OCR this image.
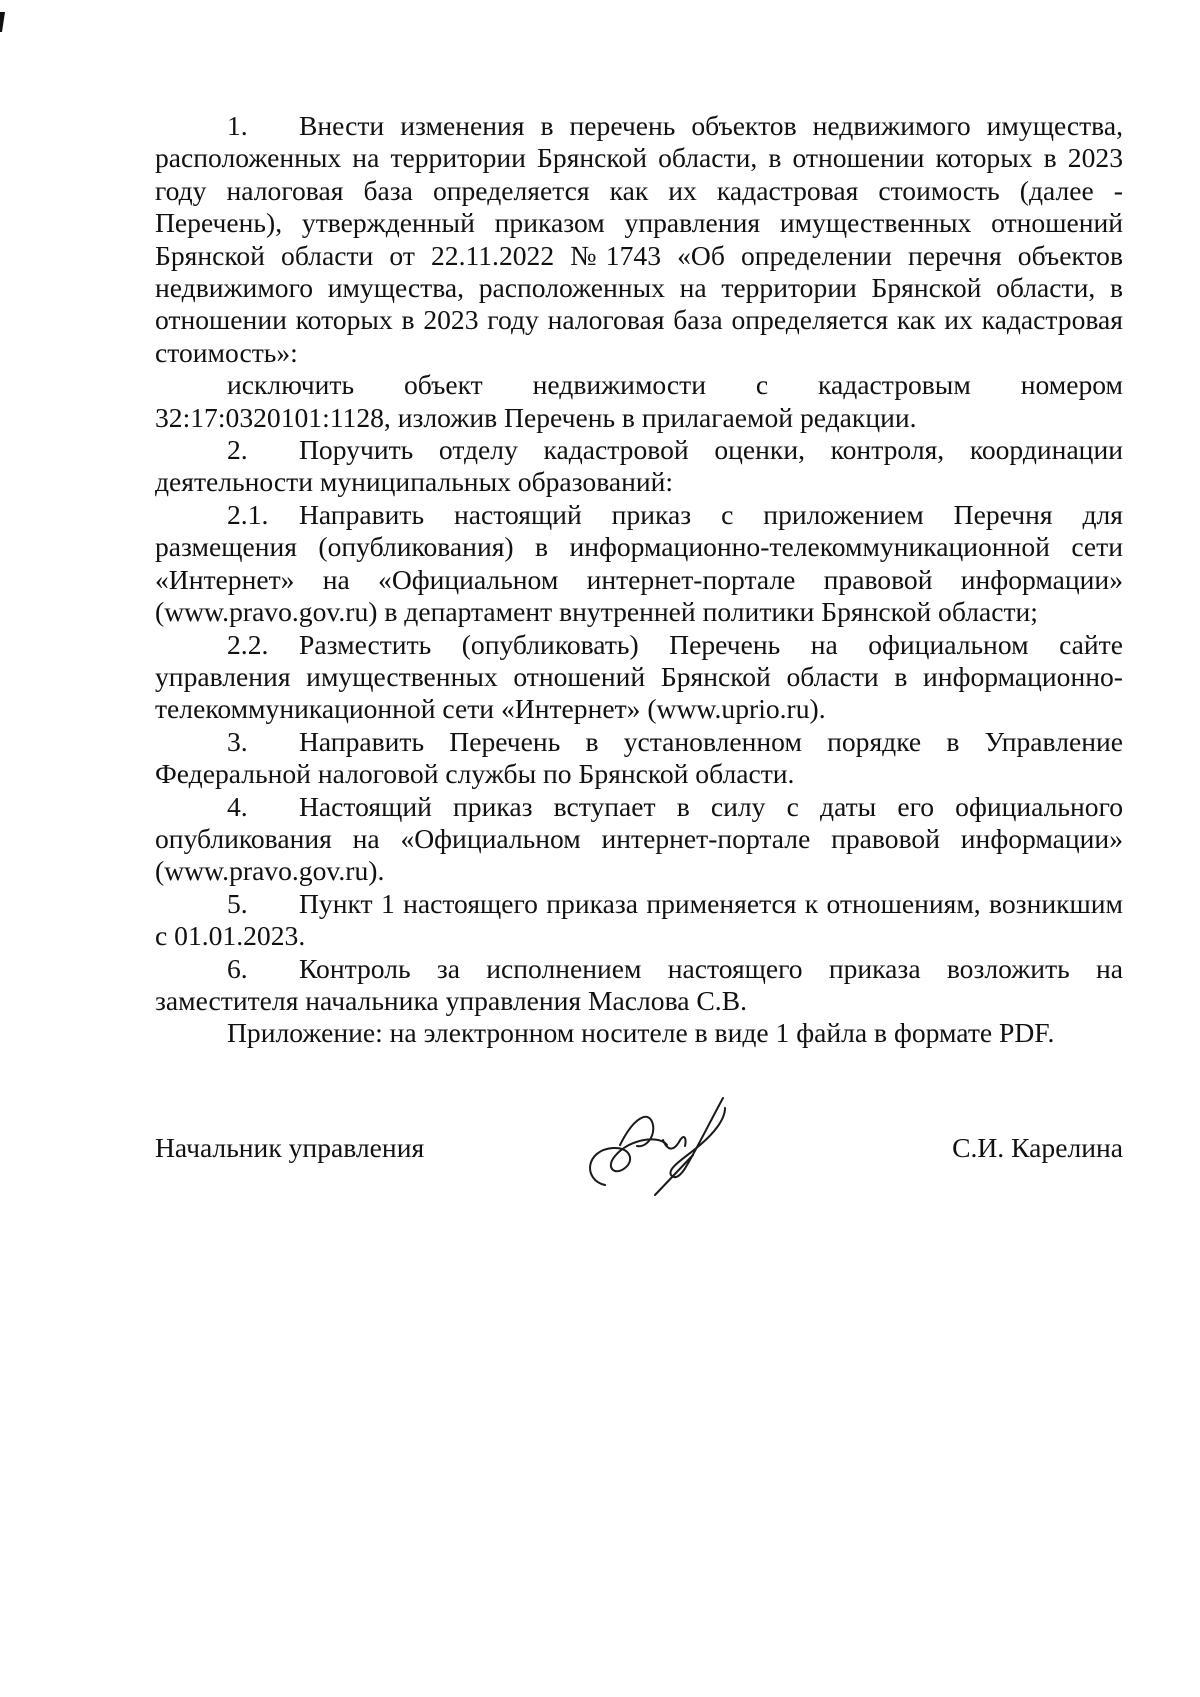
1. Внести изменения в перечень объектов недвижимого имущества, расположенных на территории Брянской области, в отношении которых в 2023 году налоговая база определяется как их кадастровая стоимость (далее - Перечень), утвержденный приказом управления имущественных отношений Брянской области от 22.11.2022 №1743 «Об определении перечня объектов недвижимого имущества, расположенных на территории Брянской области, в отношении которых в 2023 году налоговая база определяется как их кадастровая стоимость»:

исключить объект недвижимости с кадастровым номером 32:17:0320101:1128, изложив Перечень в прилагаемой редакции.

2. Поручить отделу кадастровой оценки, контроля, координации деятельности муниципальных образований:

2.1. Направить настоящий приказ с приложением Перечня для размещения (опубликования) в информационно-телекоммуникационной сети «Интернет» на «Официальном интернет-портале правовой информации» (www.pravo.gov.ru) в департамент внутренней политики Брянской области;

2.2. Разместить (опубликовать) Перечень на официальном сайте управления имущественных отношений Брянской области в информационно-телекоммуникационной сети «Интернет» (www.uprio.ru).

3. Направить Перечень в установленном порядке в Управление Федеральной налоговой службы по Брянской области.

4. Настоящий приказ вступает в силу с даты его официального опубликования на «Официальном интернет-портале правовой информации» (www.pravo.gov.ru).

5. Пункт 1 настоящего приказа применяется к отношениям, возникшим с 01.01.2023.

6. Контроль за исполнением настоящего приказа возложить на заместителя начальника управления Маслова С.В.

Приложение: на электронном носителе в виде 1 файла в формате PDF.

Начальник управления	С.И. Карелина
